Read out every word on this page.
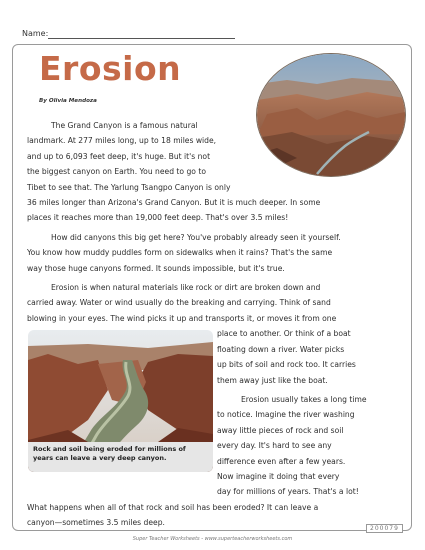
Name:
Erosion
By Olivia Mendoza

The Grand Canyon is a famous natural
landmark. At 277 miles long, up to 18 miles wide,
and up to 6,093 feet deep, it's huge. But it's not
the biggest canyon on Earth. You need to go to
Tibet to see that. The Yarlung Tsangpo Canyon is only
36 miles longer than Arizona's Grand Canyon. But it is much deeper. In some
places it reaches more than 19,000 feet deep. That's over 3.5 miles!

How did canyons this big get here? You've probably already seen it yourself.
You know how muddy puddles form on sidewalks when it rains? That's the same
way those huge canyons formed. It sounds impossible, but it's true.

Erosion is when natural materials like rock or dirt are broken down and
carried away. Water or wind usually do the breaking and carrying. Think of sand
blowing in your eyes. The wind picks it up and transports it, or moves it from one
place to another. Or think of a boat
floating down a river. Water picks
up bits of soil and rock too. It carries
them away just like the boat.

Erosion usually takes a long time
to notice. Imagine the river washing
away little pieces of rock and soil
every day. It's hard to see any
difference even after a few years.
Now imagine it doing that every
day for millions of years. That's a lot!
What happens when all of that rock and soil has been eroded? It can leave a
canyon—sometimes 3.5 miles deep.

Rock and soil being eroded for millions of years can leave a very deep canyon.
200079
Super Teacher Worksheets - www.superteacherworksheets.com
